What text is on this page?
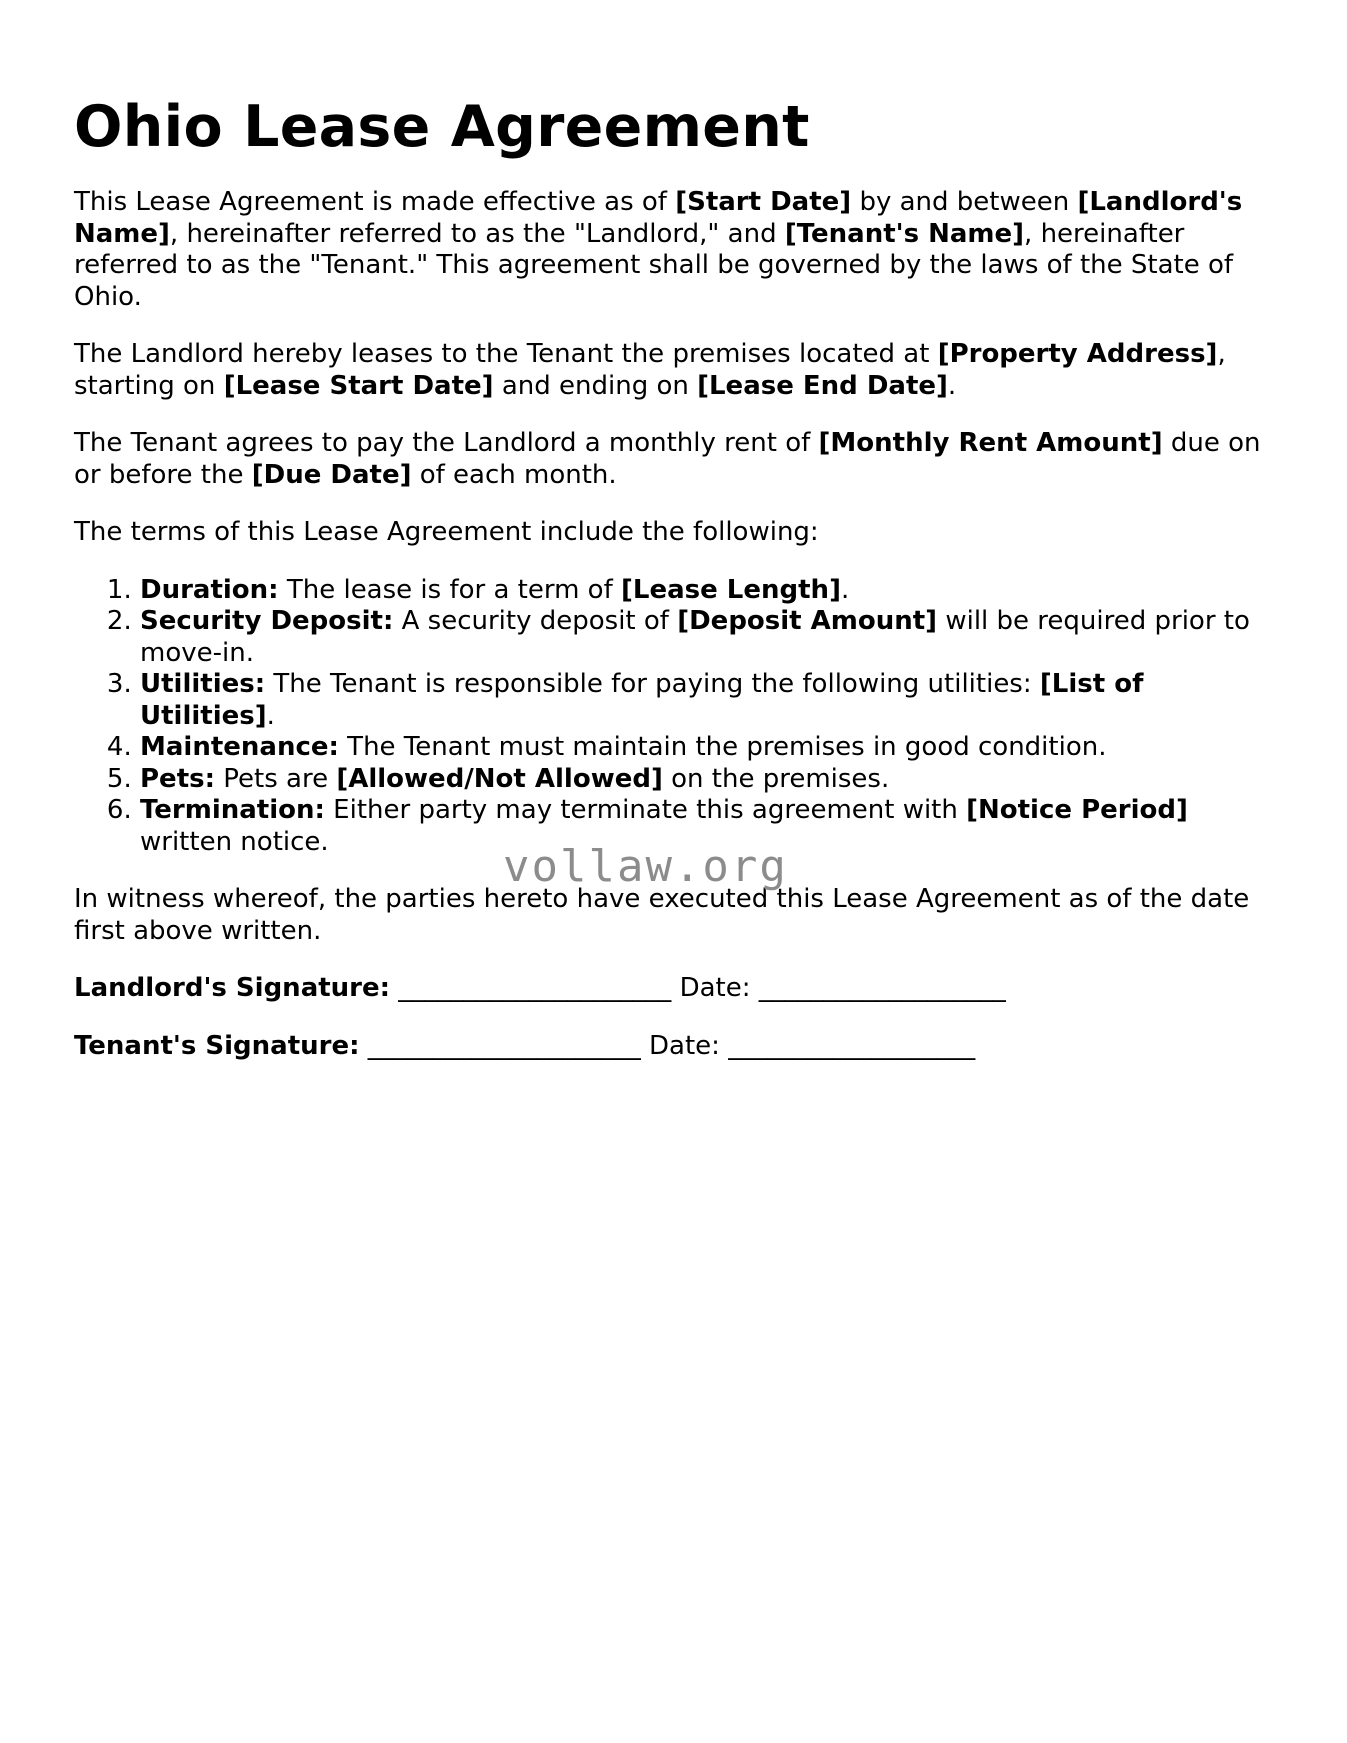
Ohio Lease Agreement

This Lease Agreement is made effective as of [Start Date] by and between [Landlord's Name], hereinafter referred to as the "Landlord," and [Tenant's Name], hereinafter referred to as the "Tenant." This agreement shall be governed by the laws of the State of Ohio.

The Landlord hereby leases to the Tenant the premises located at [Property Address], starting on [Lease Start Date] and ending on [Lease End Date].

The Tenant agrees to pay the Landlord a monthly rent of [Monthly Rent Amount] due on or before the [Due Date] of each month.

The terms of this Lease Agreement include the following:

1. Duration: The lease is for a term of [Lease Length].
2. Security Deposit: A security deposit of [Deposit Amount] will be required prior to move-in.
3. Utilities: The Tenant is responsible for paying the following utilities: [List of Utilities].
4. Maintenance: The Tenant must maintain the premises in good condition.
5. Pets: Pets are [Allowed/Not Allowed] on the premises.
6. Termination: Either party may terminate this agreement with [Notice Period] written notice.

In witness whereof, the parties hereto have executed this Lease Agreement as of the date first above written.

Landlord's Signature: _____________________ Date: ___________________
Tenant's Signature: _____________________ Date: ___________________
vollaw.org
